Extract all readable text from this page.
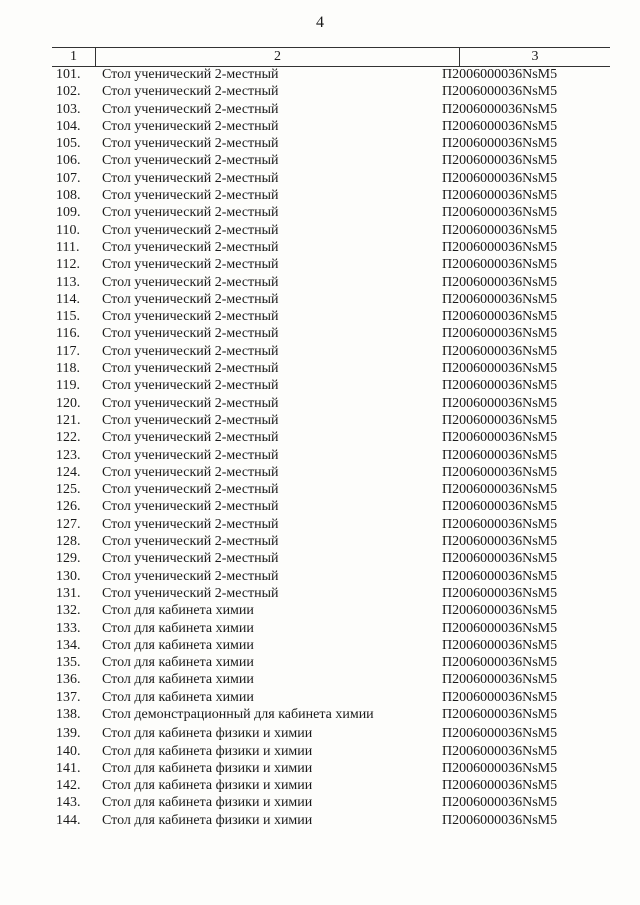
4
1	2	3
101.	Стол ученический 2-местный	П2006000036NsM5
102.	Стол ученический 2-местный	П2006000036NsM5
103.	Стол ученический 2-местный	П2006000036NsM5
104.	Стол ученический 2-местный	П2006000036NsM5
105.	Стол ученический 2-местный	П2006000036NsM5
106.	Стол ученический 2-местный	П2006000036NsM5
107.	Стол ученический 2-местный	П2006000036NsM5
108.	Стол ученический 2-местный	П2006000036NsM5
109.	Стол ученический 2-местный	П2006000036NsM5
110.	Стол ученический 2-местный	П2006000036NsM5
111.	Стол ученический 2-местный	П2006000036NsM5
112.	Стол ученический 2-местный	П2006000036NsM5
113.	Стол ученический 2-местный	П2006000036NsM5
114.	Стол ученический 2-местный	П2006000036NsM5
115.	Стол ученический 2-местный	П2006000036NsM5
116.	Стол ученический 2-местный	П2006000036NsM5
117.	Стол ученический 2-местный	П2006000036NsM5
118.	Стол ученический 2-местный	П2006000036NsM5
119.	Стол ученический 2-местный	П2006000036NsM5
120.	Стол ученический 2-местный	П2006000036NsM5
121.	Стол ученический 2-местный	П2006000036NsM5
122.	Стол ученический 2-местный	П2006000036NsM5
123.	Стол ученический 2-местный	П2006000036NsM5
124.	Стол ученический 2-местный	П2006000036NsM5
125.	Стол ученический 2-местный	П2006000036NsM5
126.	Стол ученический 2-местный	П2006000036NsM5
127.	Стол ученический 2-местный	П2006000036NsM5
128.	Стол ученический 2-местный	П2006000036NsM5
129.	Стол ученический 2-местный	П2006000036NsM5
130.	Стол ученический 2-местный	П2006000036NsM5
131.	Стол ученический 2-местный	П2006000036NsM5
132.	Стол для кабинета химии	П2006000036NsM5
133.	Стол для кабинета химии	П2006000036NsM5
134.	Стол для кабинета химии	П2006000036NsM5
135.	Стол для кабинета химии	П2006000036NsM5
136.	Стол для кабинета химии	П2006000036NsM5
137.	Стол для кабинета химии	П2006000036NsM5
138.	Стол демонстрационный для кабинета химии	П2006000036NsM5
139.	Стол для кабинета физики и химии	П2006000036NsM5
140.	Стол для кабинета физики и химии	П2006000036NsM5
141.	Стол для кабинета физики и химии	П2006000036NsM5
142.	Стол для кабинета физики и химии	П2006000036NsM5
143.	Стол для кабинета физики и химии	П2006000036NsM5
144.	Стол для кабинета физики и химии	П2006000036NsM5
